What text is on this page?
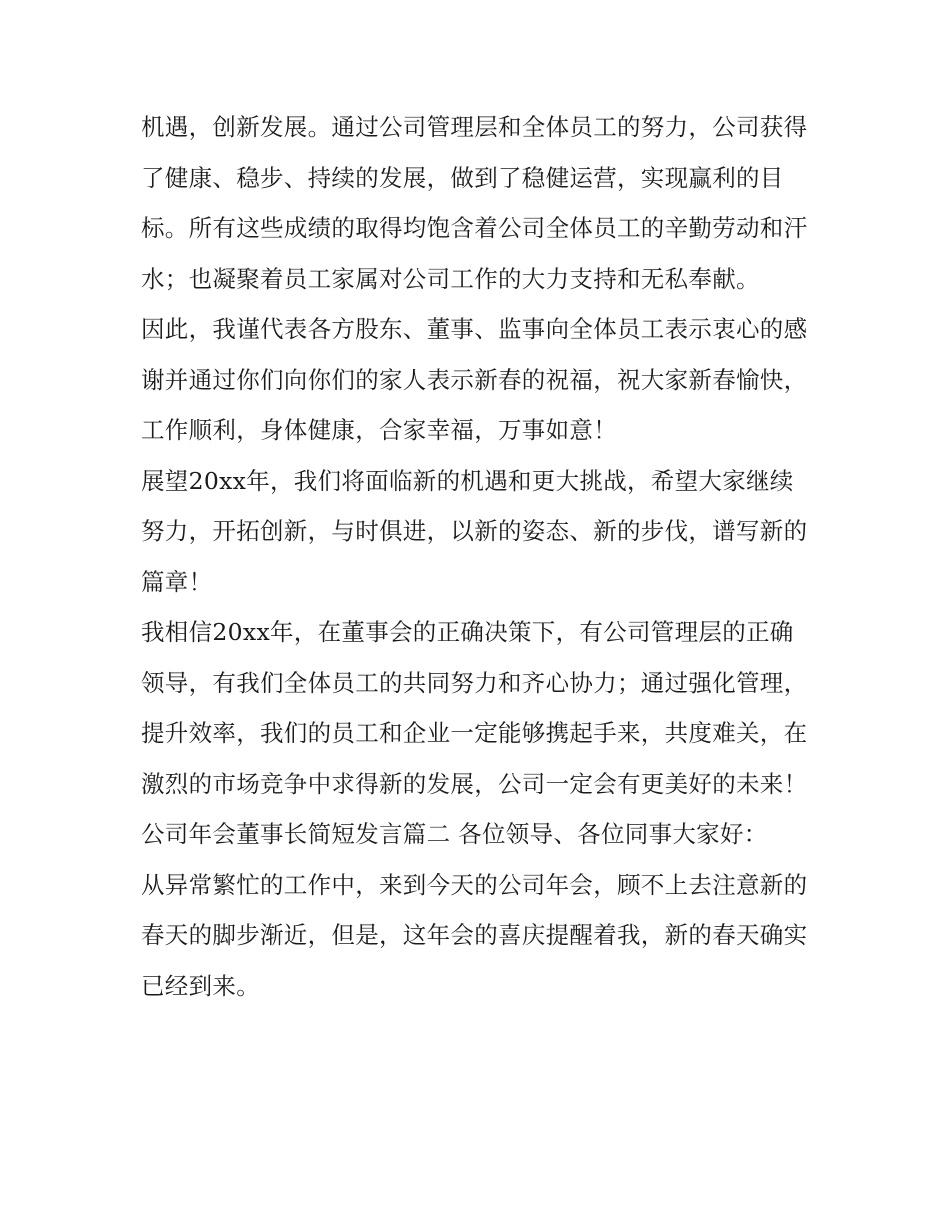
机遇，创新发展。通过公司管理层和全体员工的努力，公司获得了健康、稳步、持续的发展，做到了稳健运营，实现赢利的目标。所有这些成绩的取得均饱含着公司全体员工的辛勤劳动和汗水；也凝聚着员工家属对公司工作的大力支持和无私奉献。

因此，我谨代表各方股东、董事、监事向全体员工表示衷心的感谢并通过你们向你们的家人表示新春的祝福，祝大家新春愉快，工作顺利，身体健康，合家幸福，万事如意！

展望20xx年，我们将面临新的机遇和更大挑战，希望大家继续努力，开拓创新，与时俱进，以新的姿态、新的步伐，谱写新的篇章！

我相信20xx年，在董事会的正确决策下，有公司管理层的正确领导，有我们全体员工的共同努力和齐心协力；通过强化管理，提升效率，我们的员工和企业一定能够携起手来，共度难关，在激烈的市场竞争中求得新的发展，公司一定会有更美好的未来！

公司年会董事长简短发言篇二 各位领导、各位同事大家好：

从异常繁忙的工作中，来到今天的公司年会，顾不上去注意新的春天的脚步渐近，但是，这年会的喜庆提醒着我，新的春天确实已经到来。
